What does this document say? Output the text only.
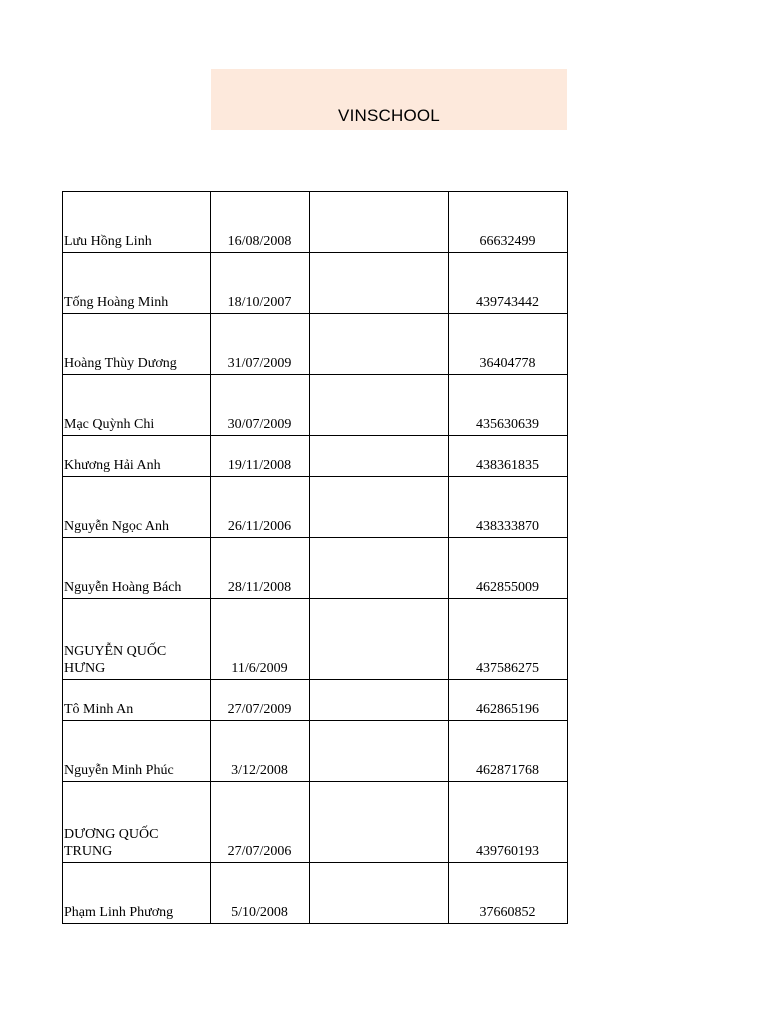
VINSCHOOL
Lưu Hồng Linh	16/08/2008		66632499
Tống Hoàng Minh	18/10/2007		439743442
Hoàng Thùy Dương	31/07/2009		36404778
Mạc Quỳnh Chi	30/07/2009		435630639
Khương Hải Anh	19/11/2008		438361835
Nguyễn Ngọc Anh	26/11/2006		438333870
Nguyễn Hoàng Bách	28/11/2008		462855009
NGUYỄN QUỐC HƯNG	11/6/2009		437586275
Tô Minh An	27/07/2009		462865196
Nguyễn Minh Phúc	3/12/2008		462871768
DƯƠNG QUỐC TRUNG	27/07/2006		439760193
Phạm Linh Phương	5/10/2008		37660852
